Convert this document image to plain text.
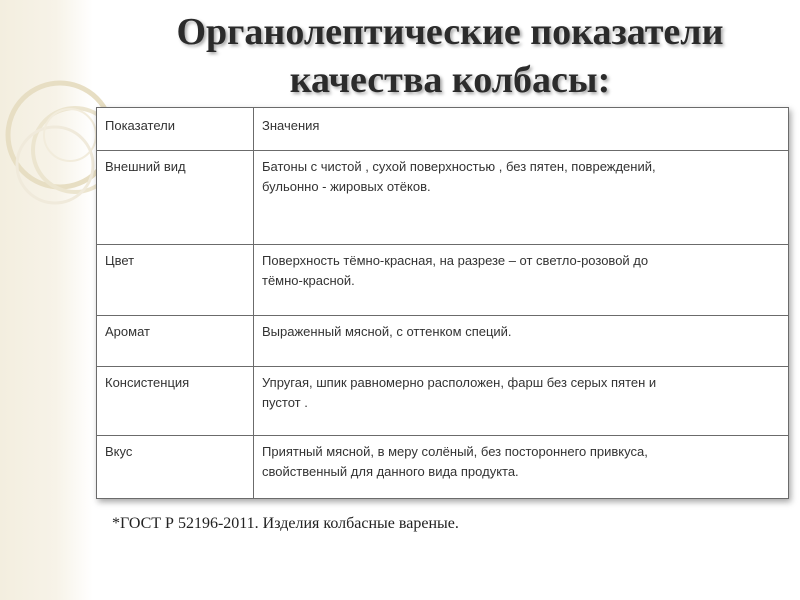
Органолептические показатели
качества колбасы:
Показатели	Значения
Внешний вид	Батоны с чистой , сухой поверхностью , без пятен, повреждений,
бульонно - жировых отёков.

Цвет	Поверхность тёмно-красная, на разрезе – от светло-розовой до
тёмно-красной.

Аромат	Выраженный мясной, с оттенком специй.

Консистенция	Упругая, шпик равномерно расположен, фарш без серых пятен и
пустот .

Вкус	Приятный мясной, в меру солёный, без постороннего привкуса,
свойственный для данного вида продукта.
*ГОСТ Р 52196-2011. Изделия колбасные вареные.
